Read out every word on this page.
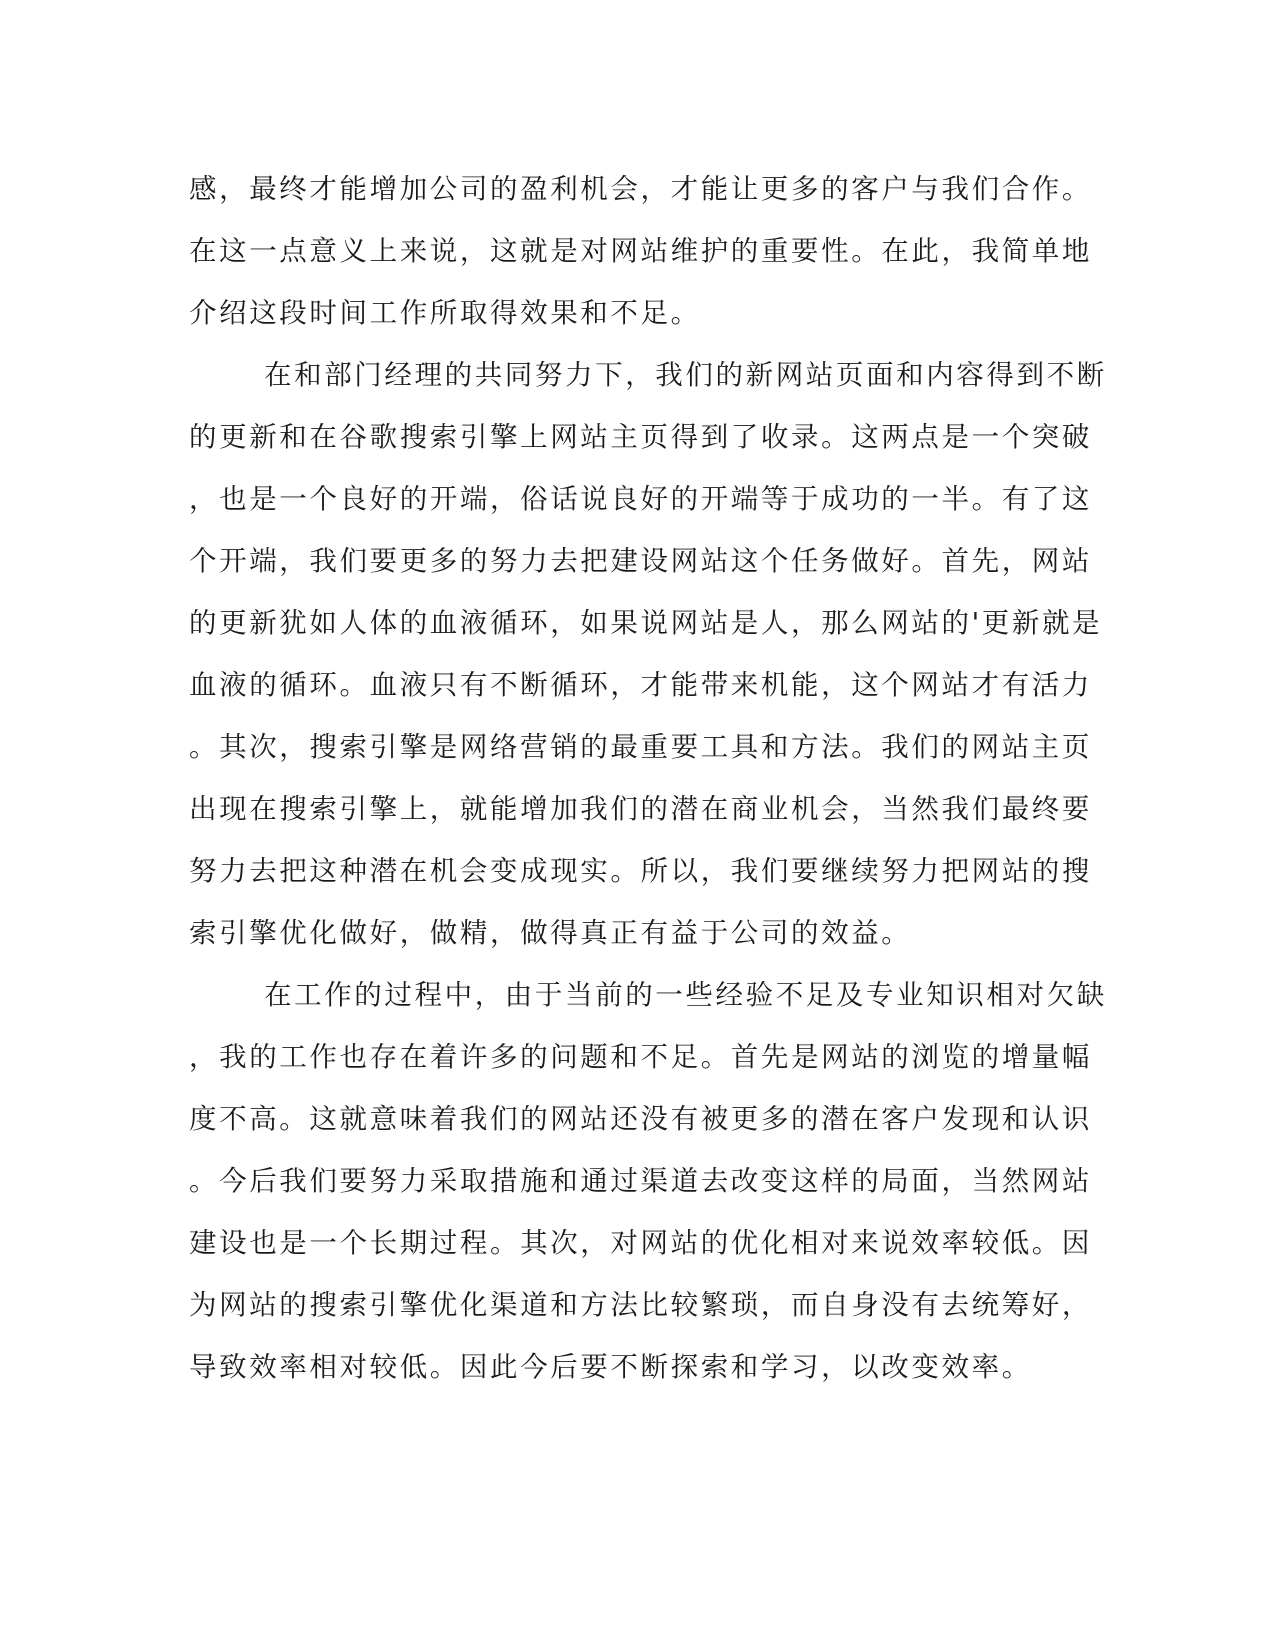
感，最终才能增加公司的盈利机会，才能让更多的客户与我们合作。
在这一点意义上来说，这就是对网站维护的重要性。在此，我简单地
介绍这段时间工作所取得效果和不足。
在和部门经理的共同努力下，我们的新网站页面和内容得到不断
的更新和在谷歌搜索引擎上网站主页得到了收录。这两点是一个突破
，也是一个良好的开端，俗话说良好的开端等于成功的一半。有了这
个开端，我们要更多的努力去把建设网站这个任务做好。首先，网站
的更新犹如人体的血液循环，如果说网站是人，那么网站的'更新就是
血液的循环。血液只有不断循环，才能带来机能，这个网站才有活力
。其次，搜索引擎是网络营销的最重要工具和方法。我们的网站主页
出现在搜索引擎上，就能增加我们的潜在商业机会，当然我们最终要
努力去把这种潜在机会变成现实。所以，我们要继续努力把网站的搜
索引擎优化做好，做精，做得真正有益于公司的效益。
在工作的过程中，由于当前的一些经验不足及专业知识相对欠缺
，我的工作也存在着许多的问题和不足。首先是网站的浏览的增量幅
度不高。这就意味着我们的网站还没有被更多的潜在客户发现和认识
。今后我们要努力采取措施和通过渠道去改变这样的局面，当然网站
建设也是一个长期过程。其次，对网站的优化相对来说效率较低。因
为网站的搜索引擎优化渠道和方法比较繁琐，而自身没有去统筹好，
导致效率相对较低。因此今后要不断探索和学习，以改变效率。
